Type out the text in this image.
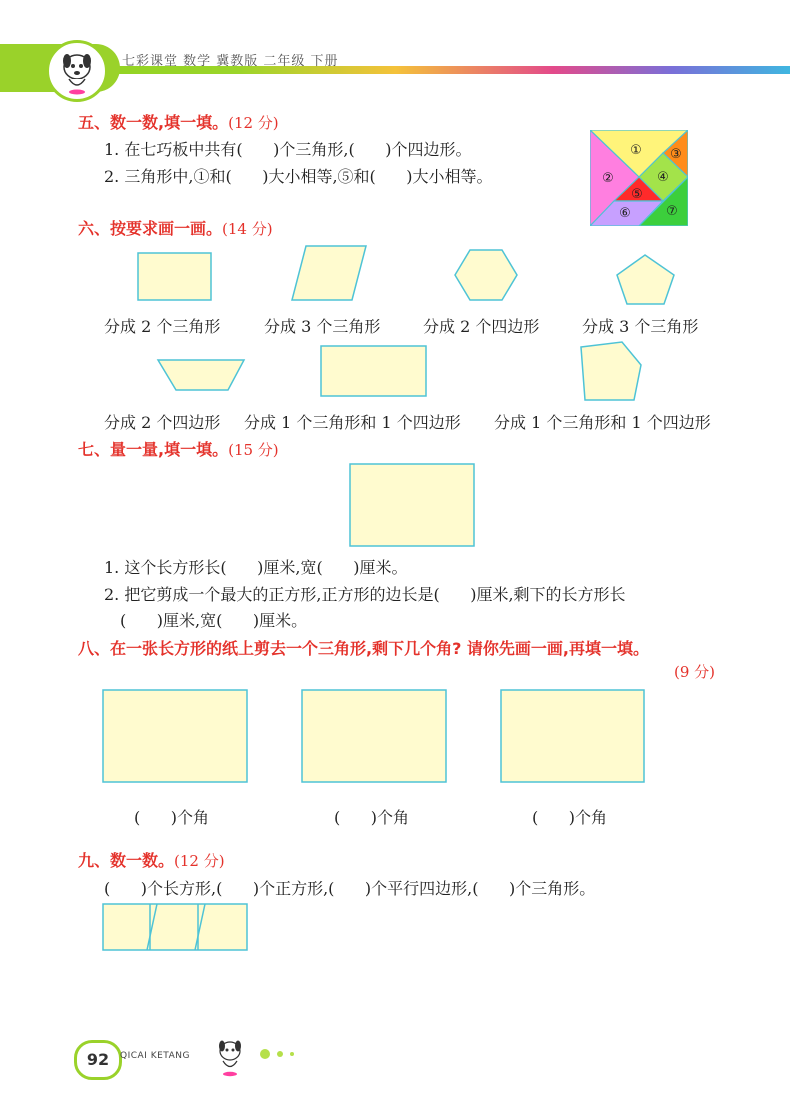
七彩课堂 数学 冀教版 二年级 下册
五、数一数,填一填。(12 分)
1. 在七巧板中共有(      )个三角形,(      )个四边形。
2. 三角形中,①和(      )大小相等,⑤和(      )大小相等。
①
②
③
④
⑤
⑥	⑦
六、按要求画一画。(14 分)
分成 2 个三角形	分成 3 个三角形	分成 2 个四边形	分成 3 个三角形
分成 2 个四边形 分成 1 个三角形和 1 个四边形 分成 1 个三角形和 1 个四边形
七、量一量,填一填。(15 分)
1. 这个长方形长(      )厘米,宽(      )厘米。
2. 把它剪成一个最大的正方形,正方形的边长是(      )厘米,剩下的长方形长
(      )厘米,宽(      )厘米。
八、在一张长方形的纸上剪去一个三角形,剩下几个角? 请你先画一画,再填一填。
(9 分)
(      )个角	(      )个角	(      )个角
九、数一数。(12 分)
(      )个长方形,(      )个正方形,(      )个平行四边形,(      )个三角形。
92	QICAI KETANG
